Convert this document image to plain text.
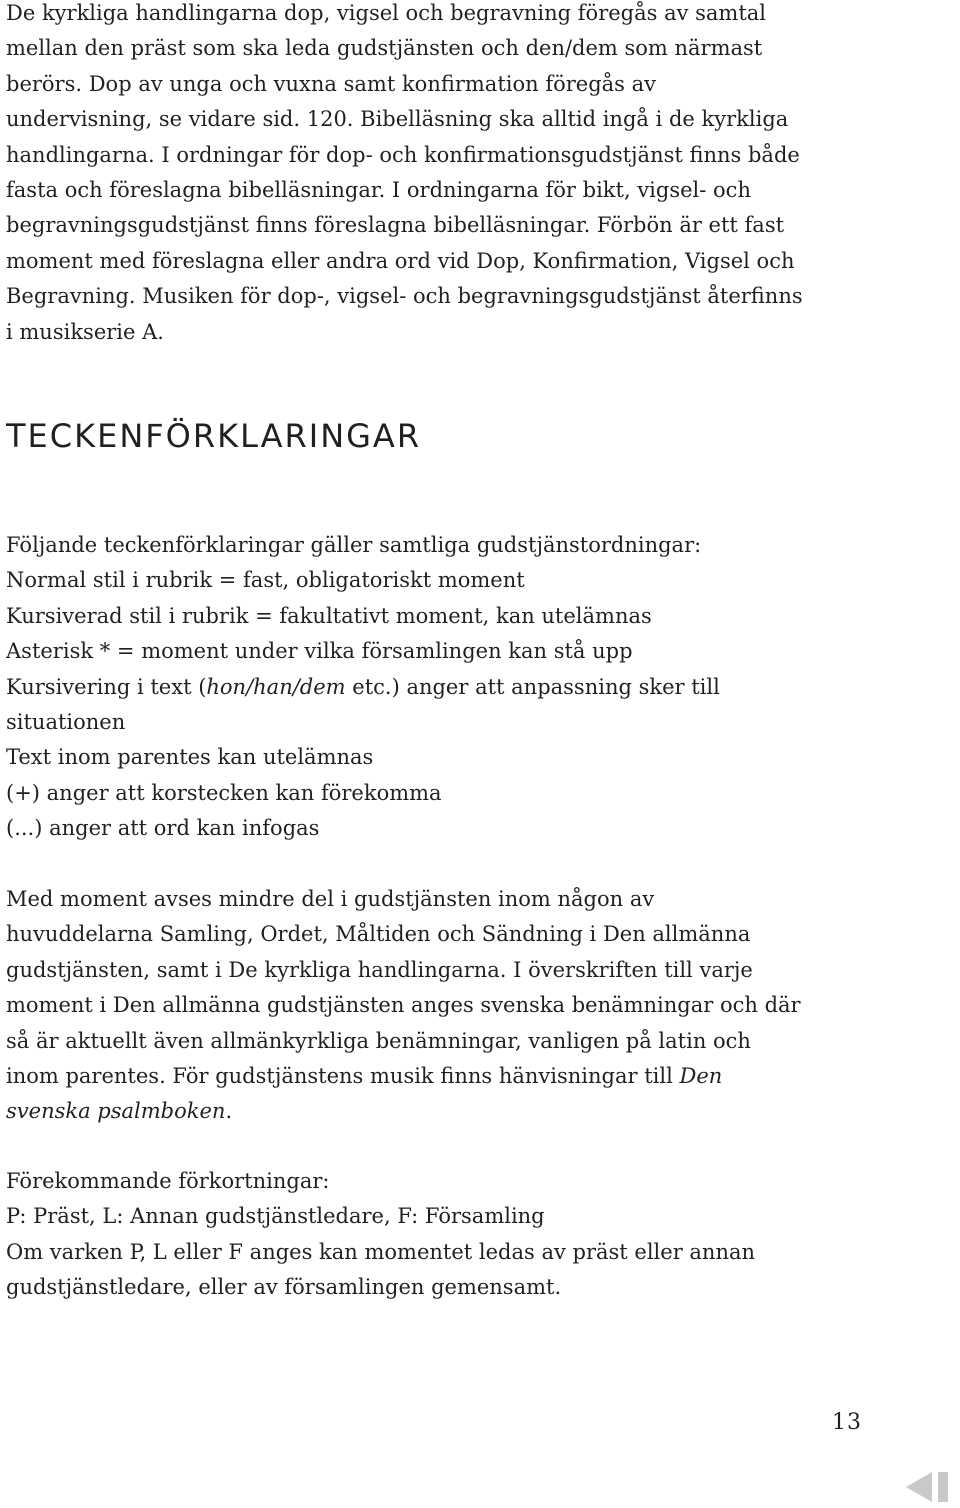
De kyrkliga handlingarna dop, vigsel och begravning föregås av samtal mellan den präst som ska leda gudstjänsten och den/dem som närmast berörs. Dop av unga och vuxna samt konfirmation föregås av undervisning, se vidare sid. 120. Bibelläsning ska alltid ingå i de kyrkliga handlingarna. I ordningar för dop- och konfirmationsgudstjänst finns både fasta och föreslagna bibelläsningar. I ordningarna för bikt, vigsel- och begravningsgudstjänst finns föreslagna bibelläsningar. Förbön är ett fast moment med föreslagna eller andra ord vid Dop, Konfirmation, Vigsel och Begravning. Musiken för dop-, vigsel- och begravningsgudstjänst återfinns i musikserie A.

TECKENFÖRKLARINGAR
Följande teckenförklaringar gäller samtliga gudstjänstordningar:
Normal stil i rubrik = fast, obligatoriskt moment
Kursiverad stil i rubrik = fakultativt moment, kan utelämnas
Asterisk * = moment under vilka församlingen kan stå upp
Kursivering i text (hon/han/dem etc.) anger att anpassning sker till situationen
Text inom parentes kan utelämnas
(+) anger att korstecken kan förekomma
(...) anger att ord kan infogas

Med moment avses mindre del i gudstjänsten inom någon av huvuddelarna Samling, Ordet, Måltiden och Sändning i Den allmänna gudstjänsten, samt i De kyrkliga handlingarna. I överskriften till varje moment i Den allmänna gudstjänsten anges svenska benämningar och där så är aktuellt även allmänkyrkliga benämningar, vanligen på latin och inom parentes. För gudstjänstens musik finns hänvisningar till Den svenska psalmboken.

Förekommande förkortningar:
P: Präst, L: Annan gudstjänstledare, F: Församling
Om varken P, L eller F anges kan momentet ledas av präst eller annan gudstjänstledare, eller av församlingen gemensamt.
13
